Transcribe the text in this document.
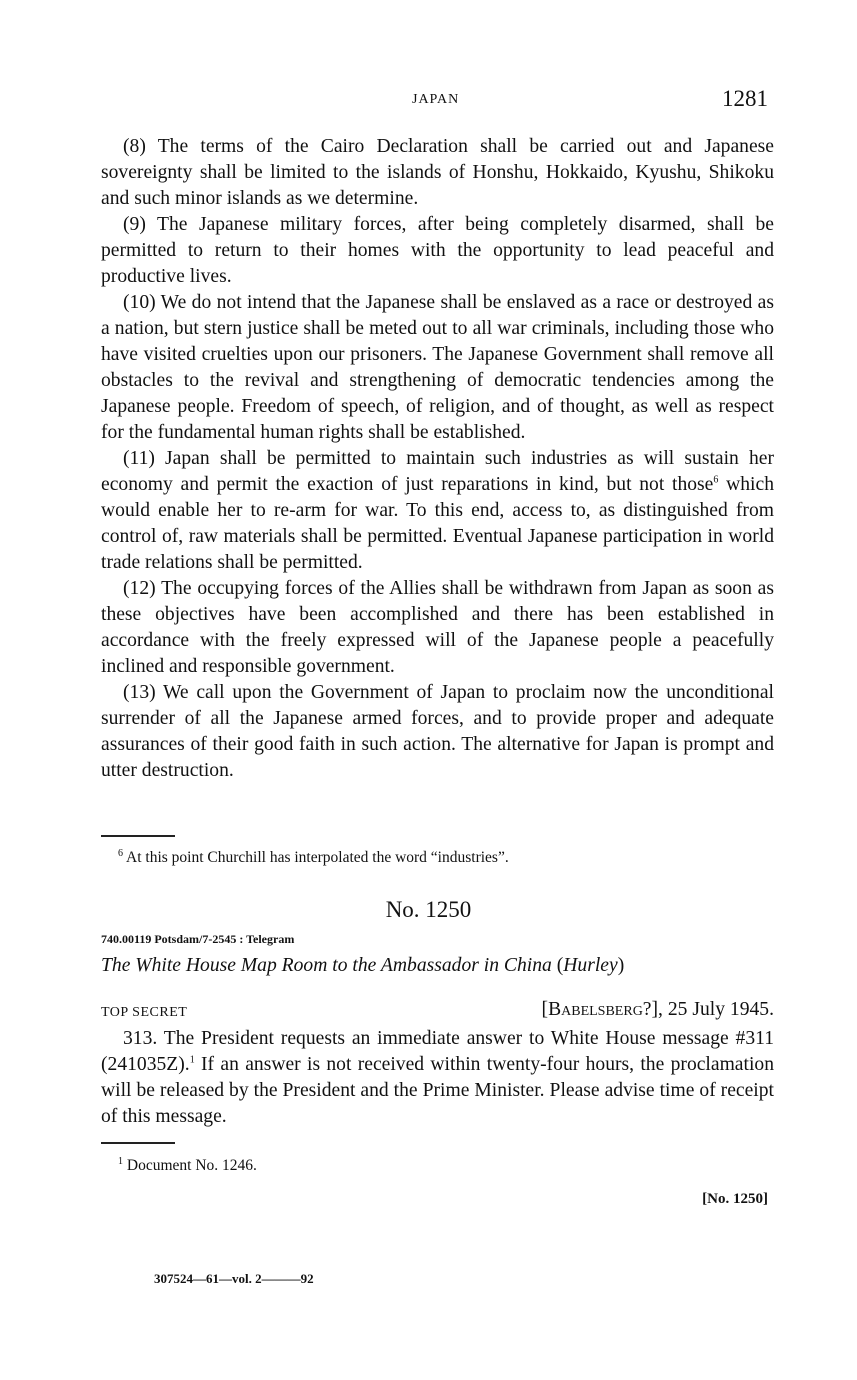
JAPAN	1281

(8) The terms of the Cairo Declaration shall be carried out and Japanese sovereignty shall be limited to the islands of Honshu, Hokkaido, Kyushu, Shikoku and such minor islands as we determine.

(9) The Japanese military forces, after being completely disarmed, shall be permitted to return to their homes with the opportunity to lead peaceful and productive lives.

(10) We do not intend that the Japanese shall be enslaved as a race or destroyed as a nation, but stern justice shall be meted out to all war criminals, including those who have visited cruelties upon our prisoners. The Japanese Government shall remove all obstacles to the revival and strengthening of democratic tendencies among the Japanese people. Freedom of speech, of religion, and of thought, as well as respect for the fundamental human rights shall be established.

(11) Japan shall be permitted to maintain such industries as will sustain her economy and permit the exaction of just reparations in kind, but not those$^6$ which would enable her to re-arm for war. To this end, access to, as distinguished from control of, raw materials shall be permitted. Eventual Japanese participation in world trade relations shall be permitted.

(12) The occupying forces of the Allies shall be withdrawn from Japan as soon as these objectives have been accomplished and there has been established in accordance with the freely expressed will of the Japanese people a peacefully inclined and responsible government.

(13) We call upon the Government of Japan to proclaim now the unconditional surrender of all the Japanese armed forces, and to provide proper and adequate assurances of their good faith in such action. The alternative for Japan is prompt and utter destruction.

$^6$ At this point Churchill has interpolated the word “industries”.
No. 1250
740.00119 Potsdam/7-2545 : Telegram
The White House Map Room to the Ambassador in China (Hurley)
TOP SECRET	[Babelsberg?], 25 July 1945.

313. The President requests an immediate answer to White House message #311 (241035Z).$^1$ If an answer is not received within twenty-four hours, the proclamation will be released by the President and the Prime Minister. Please advise time of receipt of this message.

$^1$ Document No. 1246.
[No. 1250]
307524—61—vol. 2———92
